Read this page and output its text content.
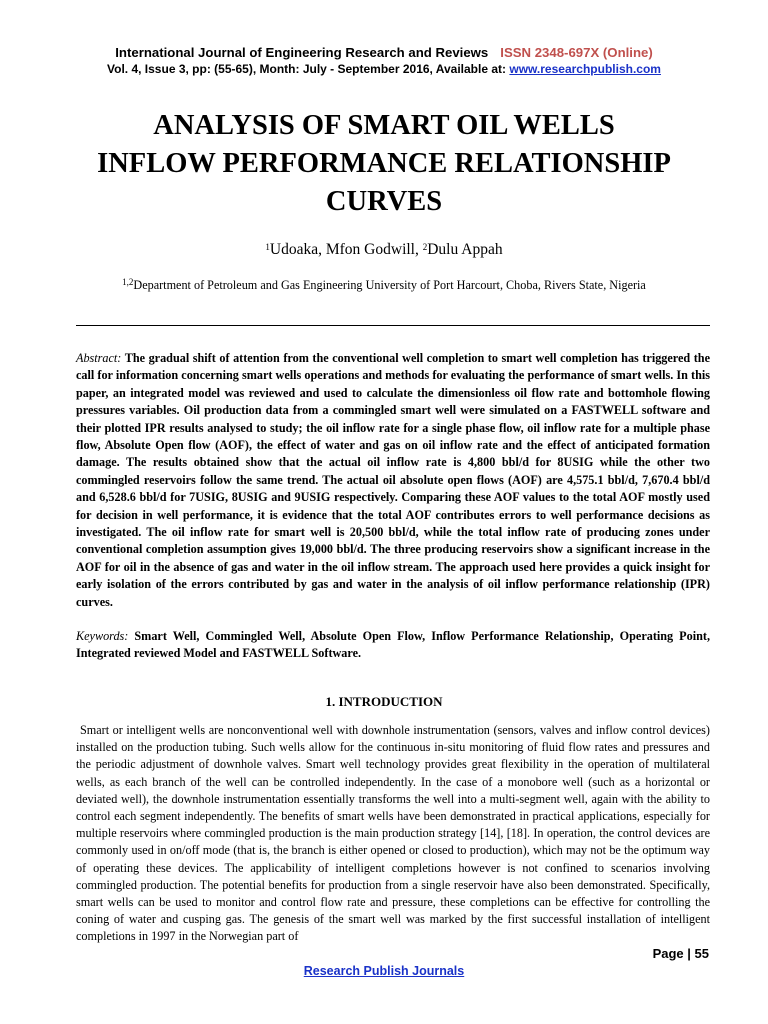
International Journal of Engineering Research and Reviews ISSN 2348-697X (Online)
Vol. 4, Issue 3, pp: (55-65), Month: July - September 2016, Available at: www.researchpublish.com
ANALYSIS OF SMART OIL WELLS
INFLOW PERFORMANCE RELATIONSHIP
CURVES
$^1$Udoaka, Mfon Godwill, $^2$Dulu Appah
$^{1,2}$Department of Petroleum and Gas Engineering University of Port Harcourt, Choba, Rivers State, Nigeria
Abstract: The gradual shift of attention from the conventional well completion to smart well completion has triggered the call for information concerning smart wells operations and methods for evaluating the performance of smart wells. In this paper, an integrated model was reviewed and used to calculate the dimensionless oil flow rate and bottomhole flowing pressures variables. Oil production data from a commingled smart well were simulated on a FASTWELL software and their plotted IPR results analysed to study; the oil inflow rate for a single phase flow, oil inflow rate for a multiple phase flow, Absolute Open flow (AOF), the effect of water and gas on oil inflow rate and the effect of anticipated formation damage. The results obtained show that the actual oil inflow rate is 4,800 bbl/d for 8USIG while the other two commingled reservoirs follow the same trend. The actual oil absolute open flows (AOF) are 4,575.1 bbl/d, 7,670.4 bbl/d and 6,528.6 bbl/d for 7USIG, 8USIG and 9USIG respectively. Comparing these AOF values to the total AOF mostly used for decision in well performance, it is evidence that the total AOF contributes errors to well performance decisions as investigated. The oil inflow rate for smart well is 20,500 bbl/d, while the total inflow rate of producing zones under conventional completion assumption gives 19,000 bbl/d. The three producing reservoirs show a significant increase in the AOF for oil in the absence of gas and water in the oil inflow stream. The approach used here provides a quick insight for early isolation of the errors contributed by gas and water in the analysis of oil inflow performance relationship (IPR) curves.
Keywords: Smart Well, Commingled Well, Absolute Open Flow, Inflow Performance Relationship, Operating Point, Integrated reviewed Model and FASTWELL Software.
1. INTRODUCTION
Smart or intelligent wells are nonconventional well with downhole instrumentation (sensors, valves and inflow control devices) installed on the production tubing. Such wells allow for the continuous in-situ monitoring of fluid flow rates and pressures and the periodic adjustment of downhole valves. Smart well technology provides great flexibility in the operation of multilateral wells, as each branch of the well can be controlled independently. In the case of a monobore well (such as a horizontal or deviated well), the downhole instrumentation essentially transforms the well into a multi-segment well, again with the ability to control each segment independently. The benefits of smart wells have been demonstrated in practical applications, especially for multiple reservoirs where commingled production is the main production strategy [14], [18]. In operation, the control devices are commonly used in on/off mode (that is, the branch is either opened or closed to production), which may not be the optimum way of operating these devices. The applicability of intelligent completions however is not confined to scenarios involving commingled production. The potential benefits for production from a single reservoir have also been demonstrated. Specifically, smart wells can be used to monitor and control flow rate and pressure, these completions can be effective for controlling the coning of water and cusping gas. The genesis of the smart well was marked by the first successful installation of intelligent completions in 1997 in the Norwegian part of
Page | 55
Research Publish Journals
